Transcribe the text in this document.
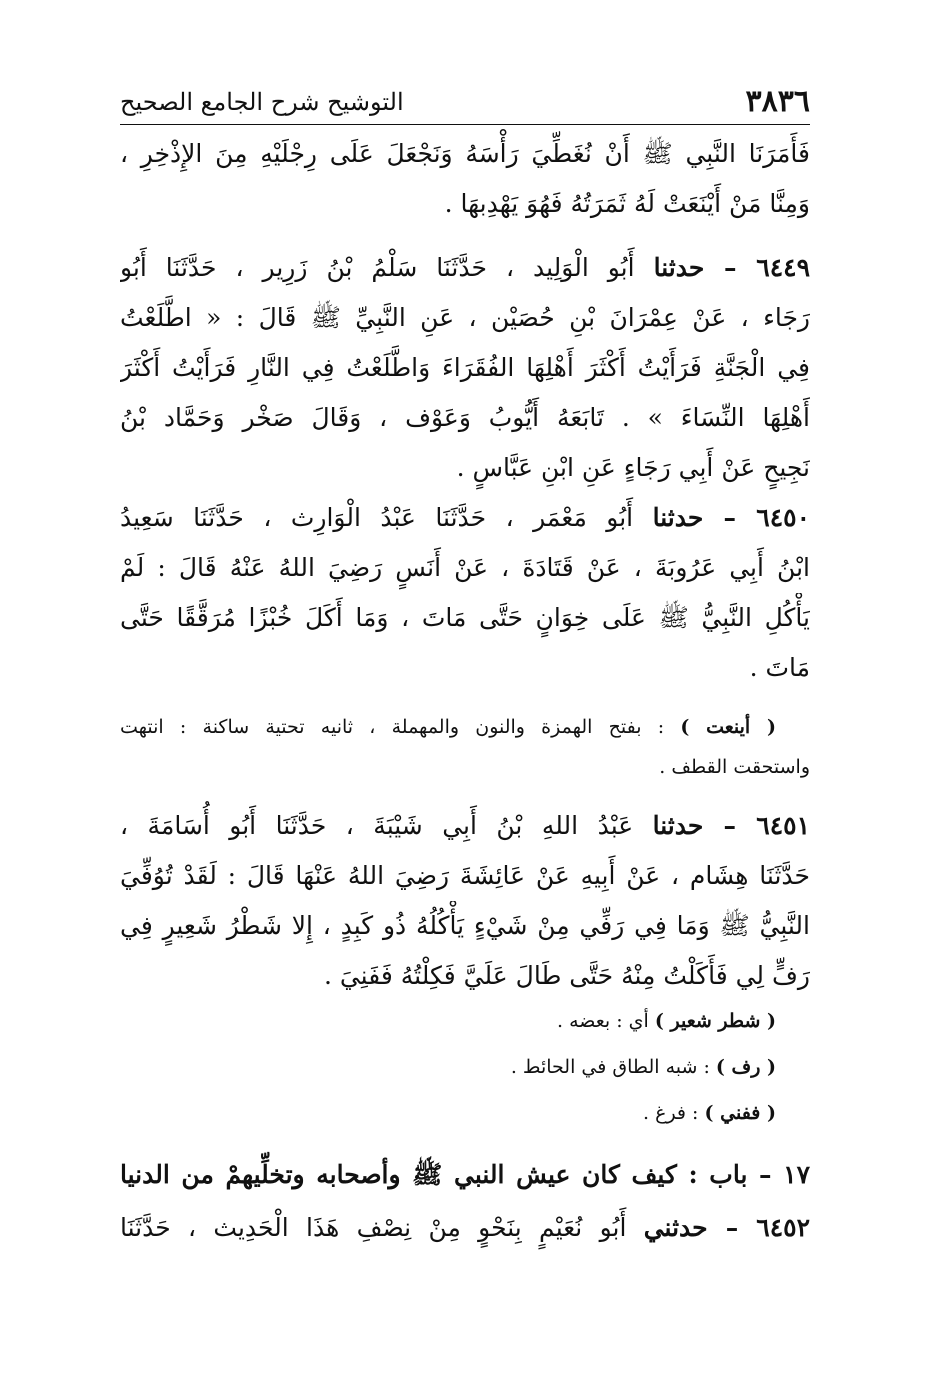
٣٨٣٦
التوشيح شرح الجامع الصحيح
فَأَمَرَنَا النَّبِي ﷺ أَنْ نُغَطِّيَ رَأْسَهُ وَنَجْعَلَ عَلَى رِجْلَيْهِ مِنَ الإِذْخِرِ ،
وَمِنَّا مَنْ أَيْنَعَتْ لَهُ ثَمَرَتُهُ فَهُوَ يَهْدِبهَا .
٦٤٤٩ – حدثنا أَبُو الْوَلِيد ، حَدَّثَنَا سَلْمُ بْنُ زَرِير ، حَدَّثَنَا أَبُو
رَجَاء ، عَنْ عِمْرَانَ بْنِ حُصَيْن ، عَنِ النَّبِيِّ ﷺ قَالَ : « اطَّلَعْتُ
فِي الْجَنَّةِ فَرَأَيْتُ أَكْثَرَ أَهْلِهَا الفُقَرَاءَ وَاطَّلَعْتُ فِي النَّارِ فَرَأَيْتُ أَكْثَرَ
أَهْلِهَا النِّسَاءَ » . تَابَعَهُ أَيُّوبُ وَعَوْف ، وَقَالَ صَخْر وَحَمَّاد بْنُ
نَجِيحٍ عَنْ أَبِي رَجَاءٍ عَنِ ابْنِ عَبَّاسٍ .
٦٤٥٠ – حدثنا أَبُو مَعْمَر ، حَدَّثَنَا عَبْدُ الْوَارِث ، حَدَّثَنَا سَعِيدُ
ابْنُ أَبِي عَرُوبَةَ ، عَنْ قَتَادَةَ ، عَنْ أَنَسٍ رَضِيَ اللهُ عَنْهُ قَالَ : لَمْ
يَأْكُلِ النَّبِيُّ ﷺ عَلَى خِوَانٍ حَتَّى مَاتَ ، وَمَا أَكَلَ خُبْزًا مُرَقَّقًا حَتَّى
مَاتَ .
( أينعت ) : بفتح الهمزة والنون والمهملة ، ثانيه تحتية ساكنة : انتهت
واستحقت القطف .
٦٤٥١ – حدثنا عَبْدُ اللهِ بْنُ أَبِي شَيْبَةَ ، حَدَّثَنَا أَبُو أُسَامَةَ ،
حَدَّثَنَا هِشَام ، عَنْ أَبِيهِ عَنْ عَائِشَةَ رَضِيَ اللهُ عَنْهَا قَالَ : لَقَدْ تُوُفِّيَ
النَّبِيُّ ﷺ وَمَا فِي رَفِّي مِنْ شَيْءٍ يَأْكُلُهُ ذُو كَبِدٍ ، إِلا شَطْرُ شَعِيرٍ فِي
رَفٍّ لِي فَأَكَلْتُ مِنْهُ حَتَّى طَالَ عَلَيَّ فَكِلْتُهُ فَفَنِيَ .
( شطر شعير ) أي : بعضه .
( رف ) : شبه الطاق في الحائط .
( ففني ) : فرغ .
١٧ – باب : كيف كان عيش النبي ﷺ وأصحابه وتخلِّيهمْ من الدنيا
٦٤٥٢ – حدثني أَبُو نُعَيْمٍ بِنَحْوٍ مِنْ نِصْفِ هَذَا الْحَدِيث ، حَدَّثَنَا
